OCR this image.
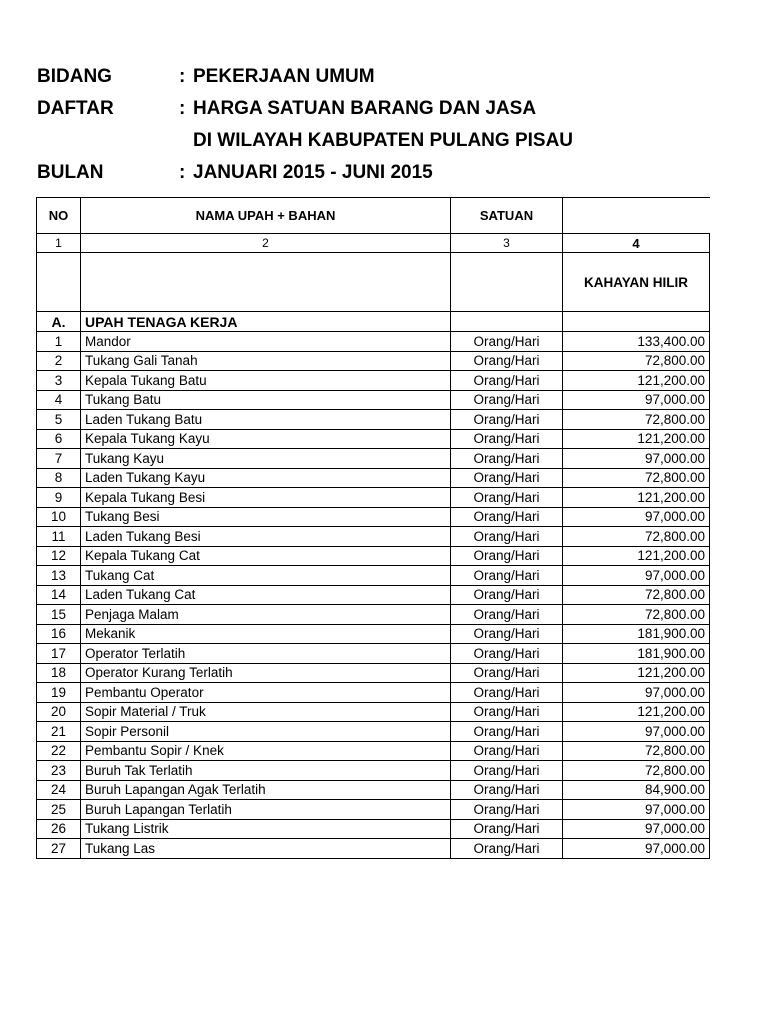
BIDANG	: PEKERJAAN UMUM
DAFTAR	: HARGA SATUAN BARANG DAN JASA
DI WILAYAH KABUPATEN PULANG PISAU
BULAN	: JANUARI 2015 - JUNI 2015
NO	NAMA UPAH + BAHAN	SATUAN	
1	2	3	4
			KAHAYAN HILIR
A.	UPAH TENAGA KERJA		
1	Mandor	Orang/Hari	133,400.00
2	Tukang Gali Tanah	Orang/Hari	72,800.00
3	Kepala Tukang Batu	Orang/Hari	121,200.00
4	Tukang Batu	Orang/Hari	97,000.00
5	Laden Tukang Batu	Orang/Hari	72,800.00
6	Kepala Tukang Kayu	Orang/Hari	121,200.00
7	Tukang Kayu	Orang/Hari	97,000.00
8	Laden Tukang Kayu	Orang/Hari	72,800.00
9	Kepala Tukang Besi	Orang/Hari	121,200.00
10	Tukang Besi	Orang/Hari	97,000.00
11	Laden Tukang Besi	Orang/Hari	72,800.00
12	Kepala Tukang Cat	Orang/Hari	121,200.00
13	Tukang Cat	Orang/Hari	97,000.00
14	Laden Tukang Cat	Orang/Hari	72,800.00
15	Penjaga Malam	Orang/Hari	72,800.00
16	Mekanik	Orang/Hari	181,900.00
17	Operator Terlatih	Orang/Hari	181,900.00
18	Operator Kurang Terlatih	Orang/Hari	121,200.00
19	Pembantu Operator	Orang/Hari	97,000.00
20	Sopir Material / Truk	Orang/Hari	121,200.00
21	Sopir Personil	Orang/Hari	97,000.00
22	Pembantu Sopir / Knek	Orang/Hari	72,800.00
23	Buruh Tak Terlatih	Orang/Hari	72,800.00
24	Buruh Lapangan Agak Terlatih	Orang/Hari	84,900.00
25	Buruh Lapangan Terlatih	Orang/Hari	97,000.00
26	Tukang Listrik	Orang/Hari	97,000.00
27	Tukang Las	Orang/Hari	97,000.00
